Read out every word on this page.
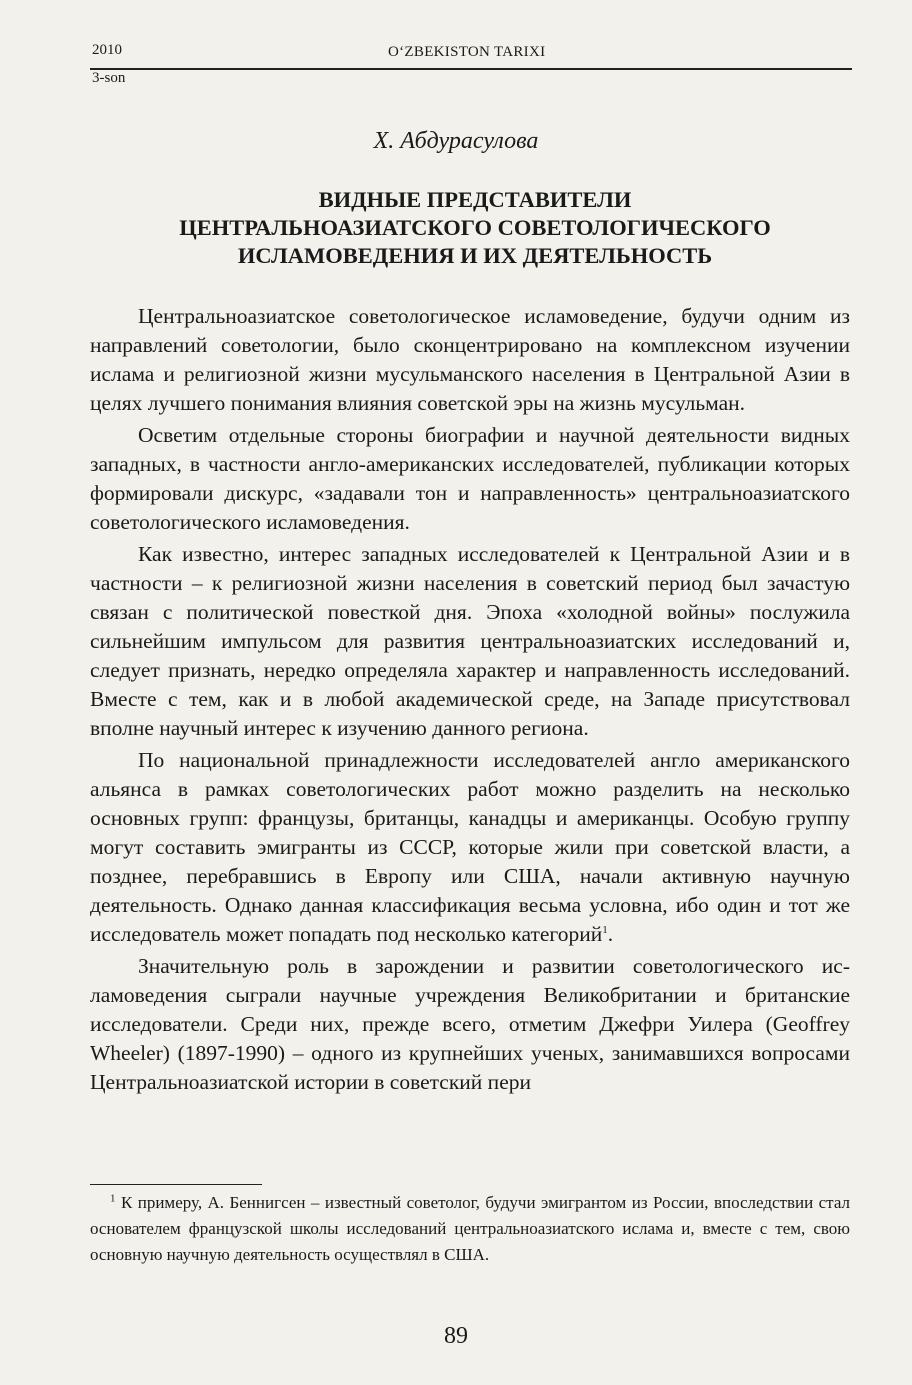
2010	O‘ZBEKISTON TARIXI
3-son
Х. Абдурасулова
ВИДНЫЕ ПРЕДСТАВИТЕЛИ
ЦЕНТРАЛЬНОАЗИАТСКОГО СОВЕТОЛОГИЧЕСКОГО
ИСЛАМОВЕДЕНИЯ И ИХ ДЕЯТЕЛЬНОСТЬ

Центральноазиатское советологическое исламоведение, будучи одним из направлений советологии, было сконцентрировано на комплексном изучении ислама и религиозной жизни мусульманского населения в Центральной Азии в целях лучшего понимания влияния советской эры на жизнь мусульман.

Осветим отдельные стороны биографии и научной деятельности видных западных, в частности англо-американских исследователей, публикации которых формировали дискурс, «задавали тон и направленность» центральноазиатского советологического исламоведения.

Как известно, интерес западных исследователей к Центральной Азии и в частности – к религиозной жизни населения в советский период был зачастую связан с политической повесткой дня. Эпоха «холодной войны» послужила сильнейшим импульсом для развития центральноазиатских исследований и, следует признать, нередко определяла характер и направленность исследований. Вместе с тем, как и в любой академической среде, на Западе присутствовал вполне научный интерес к изучению данного региона.

По национальной принадлежности исследователей англо американского альянса в рамках советологических работ можно разделить на несколько основных групп: французы, британцы, канадцы и американцы. Особую группу могут составить эмигранты из СССР, которые жили при советской власти, а позднее, перебравшись в Европу или США, начали активную научную деятельность. Однако данная классификация весьма условна, ибо один и тот же исследователь может попадать под несколько категорий$^1$.

Значительную роль в зарождении и развитии советологического исламоведения сыграли научные учреждения Великобритании и британские исследователи. Среди них, прежде всего, отметим Джефри Уилера (Geoffrey Wheeler) (1897-1990) – одного из крупнейших ученых, занимавшихся вопросами Центральноазиатской истории в советский пери

$^1$ К примеру, А. Беннигсен – известный советолог, будучи эмигрантом из России, впоследствии стал основателем французской школы исследований центральноазиатского ислама и, вместе с тем, свою основную научную деятельность осуществлял в США.
89
